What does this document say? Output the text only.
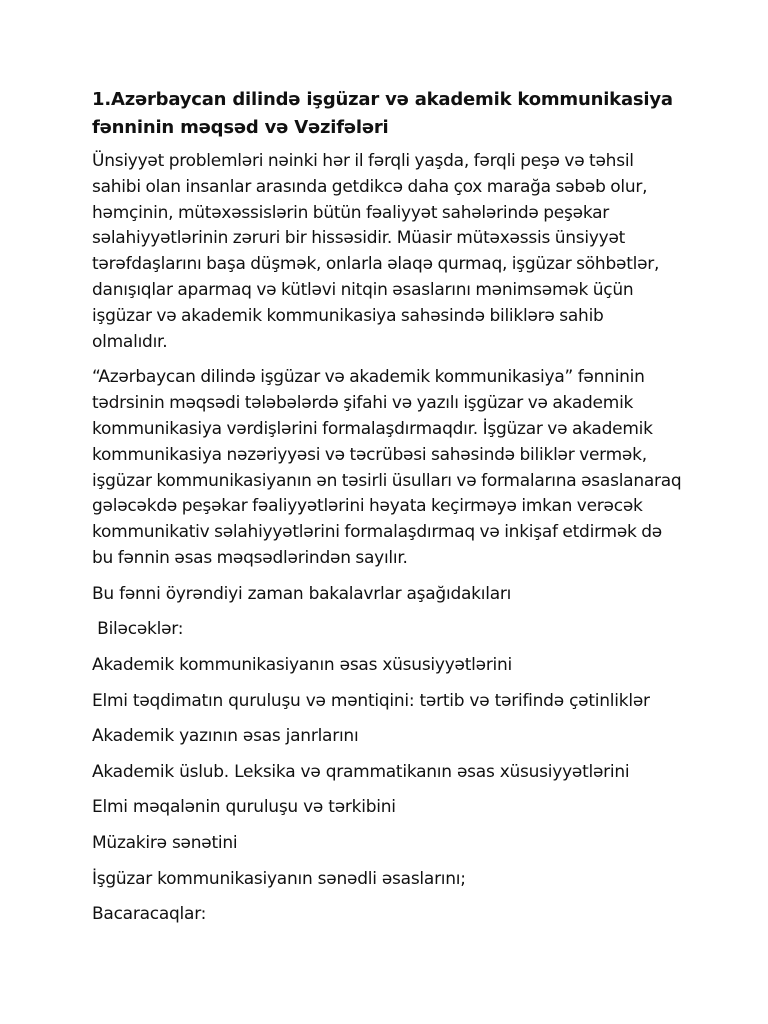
1.Azərbaycan dilində işgüzar və akademik kommunikasiya fənninin məqsəd və Vəzifələri

Ünsiyyət problemləri nəinki hər il fərqli yaşda, fərqli peşə və təhsil sahibi olan insanlar arasında getdikcə daha çox marağa səbəb olur, həmçinin, mütəxəssislərin bütün fəaliyyət sahələrində peşəkar səlahiyyətlərinin zəruri bir hissəsidir. Müasir mütəxəssis ünsiyyət tərəfdaşlarını başa düşmək, onlarla əlaqə qurmaq, işgüzar söhbətlər, danışıqlar aparmaq və kütləvi nitqin əsaslarını mənimsəmək üçün işgüzar və akademik kommunikasiya sahəsində biliklərə sahib olmalıdır.

“Azərbaycan dilində işgüzar və akademik kommunikasiya” fənninin tədrsinin məqsədi tələbələrdə şifahi və yazılı işgüzar və akademik kommunikasiya vərdişlərini formalaşdırmaqdır. İşgüzar və akademik kommunikasiya nəzəriyyəsi və təcrübəsi sahəsində biliklər vermək, işgüzar kommunikasiyanın ən təsirli üsulları və formalarına əsaslanaraq gələcəkdə peşəkar fəaliyyətlərini həyata keçirməyə imkan verəcək kommunikativ səlahiyyətlərini formalaşdırmaq və inkişaf etdirmək də bu fənnin əsas məqsədlərindən sayılır.

Bu fənni öyrəndiyi zaman bakalavrlar aşağıdakıları
Biləcəklər:
Akademik kommunikasiyanın əsas xüsusiyyətlərini
Elmi təqdimatın quruluşu və məntiqini: tərtib və tərifində çətinliklər
Akademik yazının əsas janrlarını
Akademik üslub. Leksika və qrammatikanın əsas xüsusiyyətlərini
Elmi məqalənin quruluşu və tərkibini
Müzakirə sənətini
İşgüzar kommunikasiyanın sənədli əsaslarını;
Bacaracaqlar:
